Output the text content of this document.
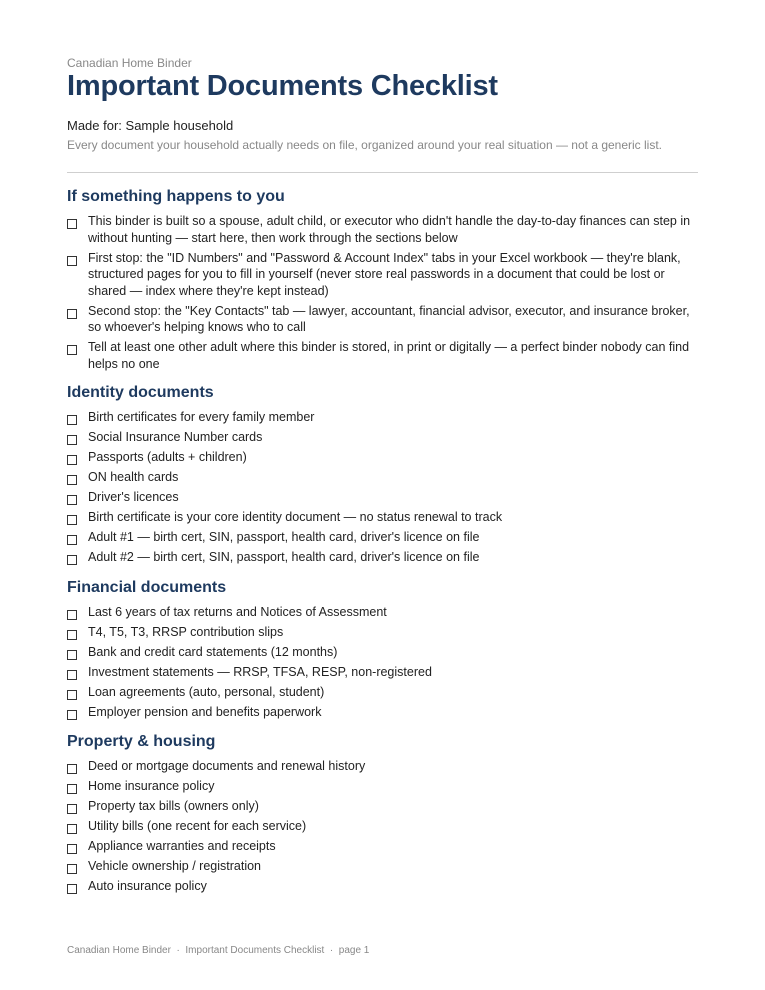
Canadian Home Binder
Important Documents Checklist
Made for: Sample household
Every document your household actually needs on file, organized around your real situation — not a generic list.
If something happens to you
This binder is built so a spouse, adult child, or executor who didn't handle the day-to-day finances can step in without hunting — start here, then work through the sections below
First stop: the "ID Numbers" and "Password & Account Index" tabs in your Excel workbook — they're blank, structured pages for you to fill in yourself (never store real passwords in a document that could be lost or shared — index where they're kept instead)
Second stop: the "Key Contacts" tab — lawyer, accountant, financial advisor, executor, and insurance broker, so whoever's helping knows who to call
Tell at least one other adult where this binder is stored, in print or digitally — a perfect binder nobody can find helps no one
Identity documents
Birth certificates for every family member
Social Insurance Number cards
Passports (adults + children)
ON health cards
Driver's licences
Birth certificate is your core identity document — no status renewal to track
Adult #1 — birth cert, SIN, passport, health card, driver's licence on file
Adult #2 — birth cert, SIN, passport, health card, driver's licence on file
Financial documents
Last 6 years of tax returns and Notices of Assessment
T4, T5, T3, RRSP contribution slips
Bank and credit card statements (12 months)
Investment statements — RRSP, TFSA, RESP, non-registered
Loan agreements (auto, personal, student)
Employer pension and benefits paperwork
Property & housing
Deed or mortgage documents and renewal history
Home insurance policy
Property tax bills (owners only)
Utility bills (one recent for each service)
Appliance warranties and receipts
Vehicle ownership / registration
Auto insurance policy
Canadian Home Binder  ·  Important Documents Checklist  ·  page 1
